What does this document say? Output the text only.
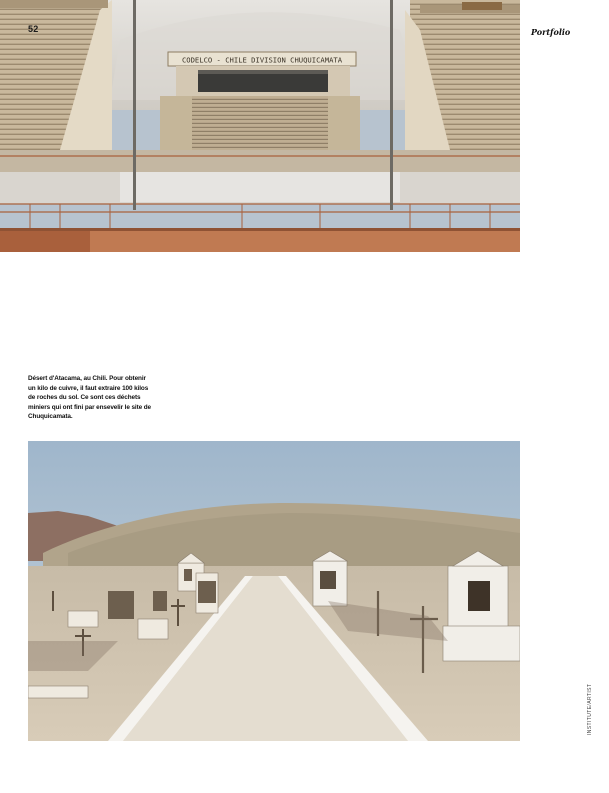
CODELCO - CHILE DIVISION CHUQUICAMATA
52	Portfolio
Désert d'Atacama, au Chili. Pour obtenir un kilo de cuivre, il faut extraire 100 kilos de roches du sol. Ce sont ces déchets miniers qui ont fini par ensevelir le site de Chuquicamata.
INSTITUTE/ARTIST
